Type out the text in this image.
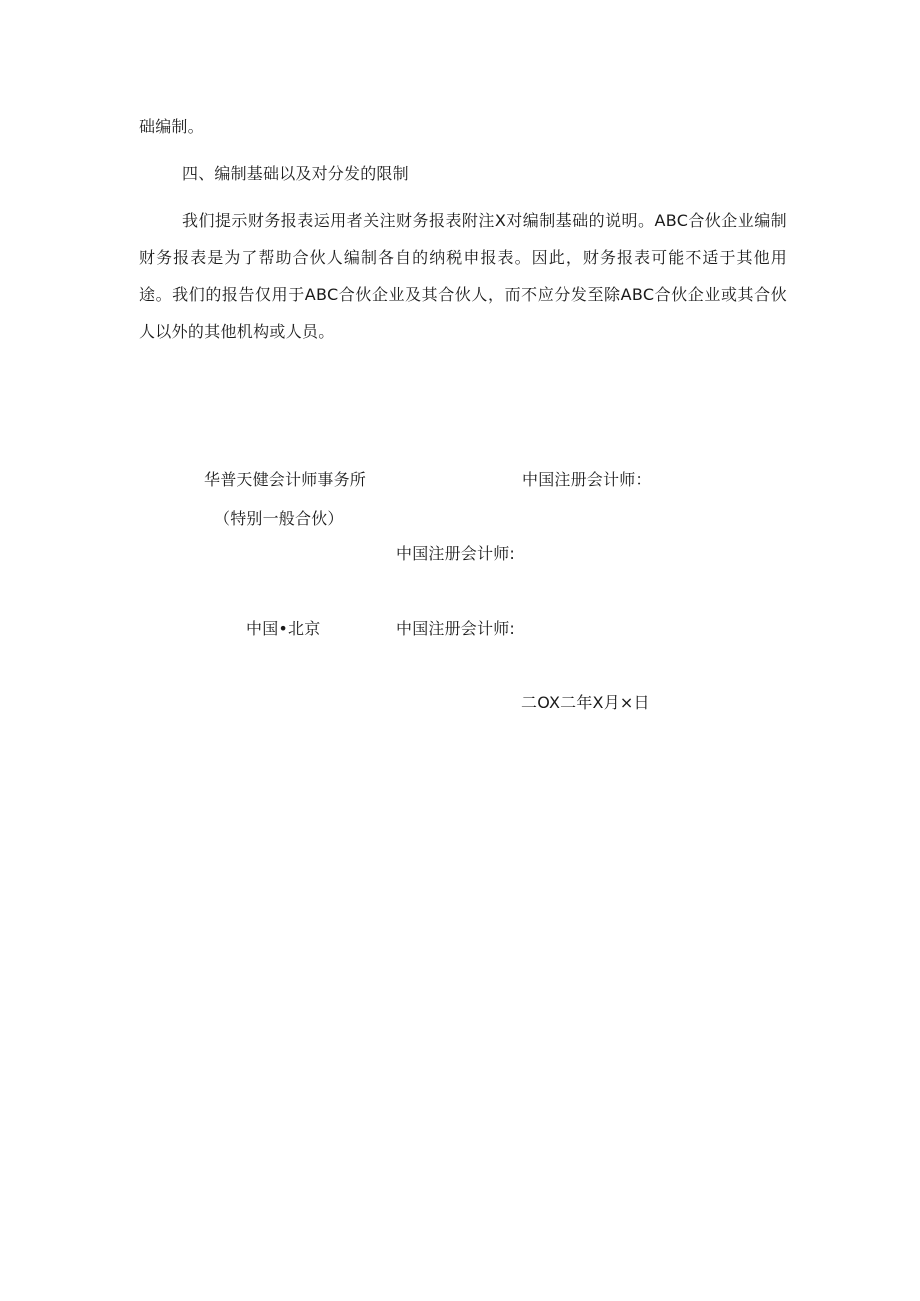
础编制。
四、编制基础以及对分发的限制
我们提示财务报表运用者关注财务报表附注X对编制基础的说明。ABC合伙企业编制财务报表是为了帮助合伙人编制各自的纳税申报表。因此，财务报表可能不适于其他用途。我们的报告仅用于ABC合伙企业及其合伙人，而不应分发至除ABC合伙企业或其合伙人以外的其他机构或人员。
华普天健会计师事务所	中国注册会计师：
（特别一般合伙）
中国注册会计师:
中国•北京	中国注册会计师:
二OX二年X月×日
